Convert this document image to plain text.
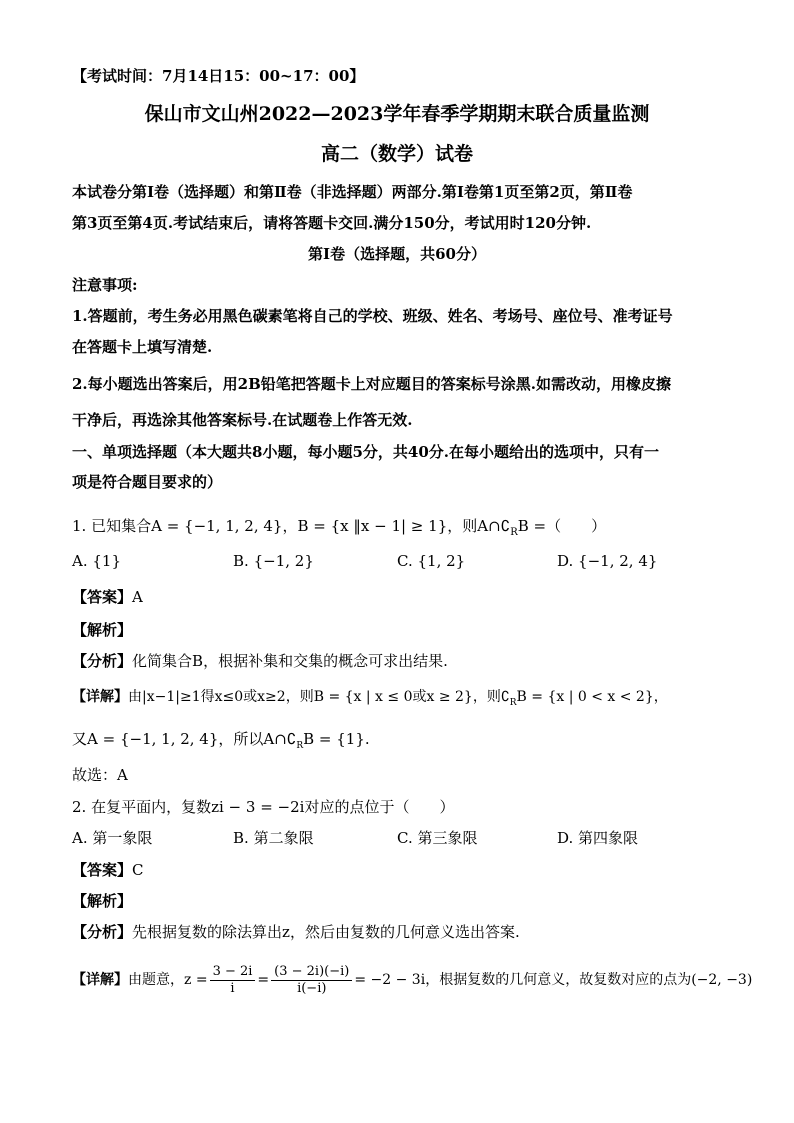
【考试时间：7月14日15：00~17：00】
保山市文山州2022—2023学年春季学期期末联合质量监测
高二（数学）试卷
本试卷分第Ⅰ卷（选择题）和第Ⅱ卷（非选择题）两部分.第Ⅰ卷第1页至第2页，第Ⅱ卷
第3页至第4页.考试结束后，请将答题卡交回.满分150分，考试用时120分钟.
第Ⅰ卷（选择题，共60分）
注意事项:
1.答题前，考生务必用黑色碳素笔将自己的学校、班级、姓名、考场号、座位号、准考证号
在答题卡上填写清楚.
2.每小题选出答案后，用2B铅笔把答题卡上对应题目的答案标号涂黑.如需改动，用橡皮擦
干净后，再选涂其他答案标号.在试题卷上作答无效.
一、单项选择题（本大题共8小题，每小题5分，共40分.在每小题给出的选项中，只有一
项是符合题目要求的）
1. 已知集合A = {−1, 1, 2, 4}，B = {x ‖x − 1| ≥ 1}，则$A\cap∁_RB$ =（　　）
A. {1}	B. {−1, 2}	C. {1, 2}	D. {−1, 2, 4}
【答案】A
【解析】
【分析】化简集合B，根据补集和交集的概念可求出结果.
【详解】由|x−1|≥1得x≤0或x≥2，则B = {x | x ≤ 0或x ≥ 2}，则$∁_RB = \{x$ | 0 < x < 2}，
又A = {−1, 1, 2, 4}，所以$A\cap∁_RB = \{1\}$.
故选：A
2. 在复平面内，复数zi − 3 = −2i对应的点位于（　　）
A. 第一象限	B. 第二象限	C. 第三象限	D. 第四象限
【答案】C
【解析】
【分析】先根据复数的除法算出z，然后由复数的几何意义选出答案.
【详解】由题意，$z = \frac{3 - 2i}{i} = \frac{(3 - 2i)(-i)}{i(-i)} = -2 - 3i$，根据复数的几何意义，故复数对应的点为(−2, −3)
